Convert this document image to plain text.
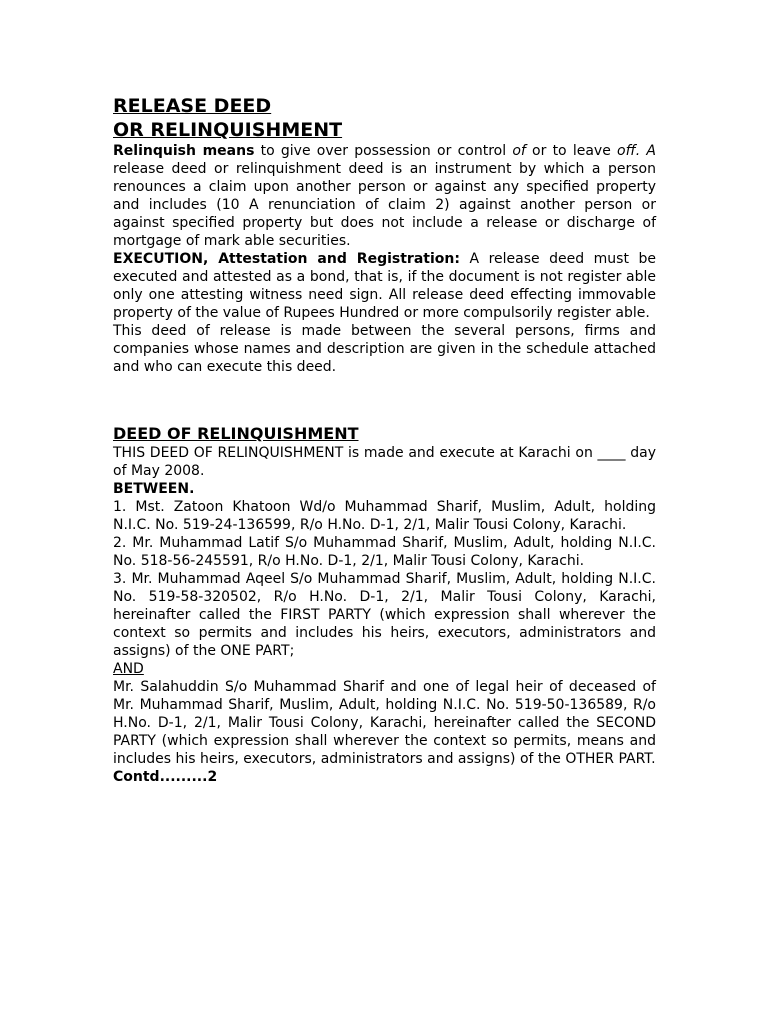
RELEASE DEED
OR RELINQUISHMENT

Relinquish means to give over possession or control of or to leave off. A release deed or relinquishment deed is an instrument by which a person renounces a claim upon another person or against any specified property and includes (10 A renunciation of claim 2) against another person or against specified property but does not include a release or discharge of mortgage of mark able securities.

EXECUTION, Attestation and Registration: A release deed must be executed and attested as a bond, that is, if the document is not register able only one attesting witness need sign. All release deed effecting immovable property of the value of Rupees Hundred or more compulsorily register able.

This deed of release is made between the several persons, firms and companies whose names and description are given in the schedule attached and who can execute this deed.

DEED OF RELINQUISHMENT

THIS DEED OF RELINQUISHMENT is made and execute at Karachi on ____ day of May 2008.

BETWEEN.

1. Mst. Zatoon Khatoon Wd/o Muhammad Sharif, Muslim, Adult, holding N.I.C. No. 519-24-136599, R/o H.No. D-1, 2/1, Malir Tousi Colony, Karachi.

2. Mr. Muhammad Latif S/o Muhammad Sharif, Muslim, Adult, holding N.I.C. No. 518-56-245591, R/o H.No. D-1, 2/1, Malir Tousi Colony, Karachi.

3. Mr. Muhammad Aqeel S/o Muhammad Sharif, Muslim, Adult, holding N.I.C. No. 519-58-320502, R/o H.No. D-1, 2/1, Malir Tousi Colony, Karachi, hereinafter called the FIRST PARTY (which expression shall wherever the context so permits and includes his heirs, executors, administrators and assigns) of the ONE PART;

AND

Mr. Salahuddin S/o Muhammad Sharif and one of legal heir of deceased of Mr. Muhammad Sharif, Muslim, Adult, holding N.I.C. No. 519-50-136589, R/o H.No. D-1, 2/1, Malir Tousi Colony, Karachi, hereinafter called the SECOND PARTY (which expression shall wherever the context so permits, means and includes his heirs, executors, administrators and assigns) of the OTHER PART.

Contd.........2
